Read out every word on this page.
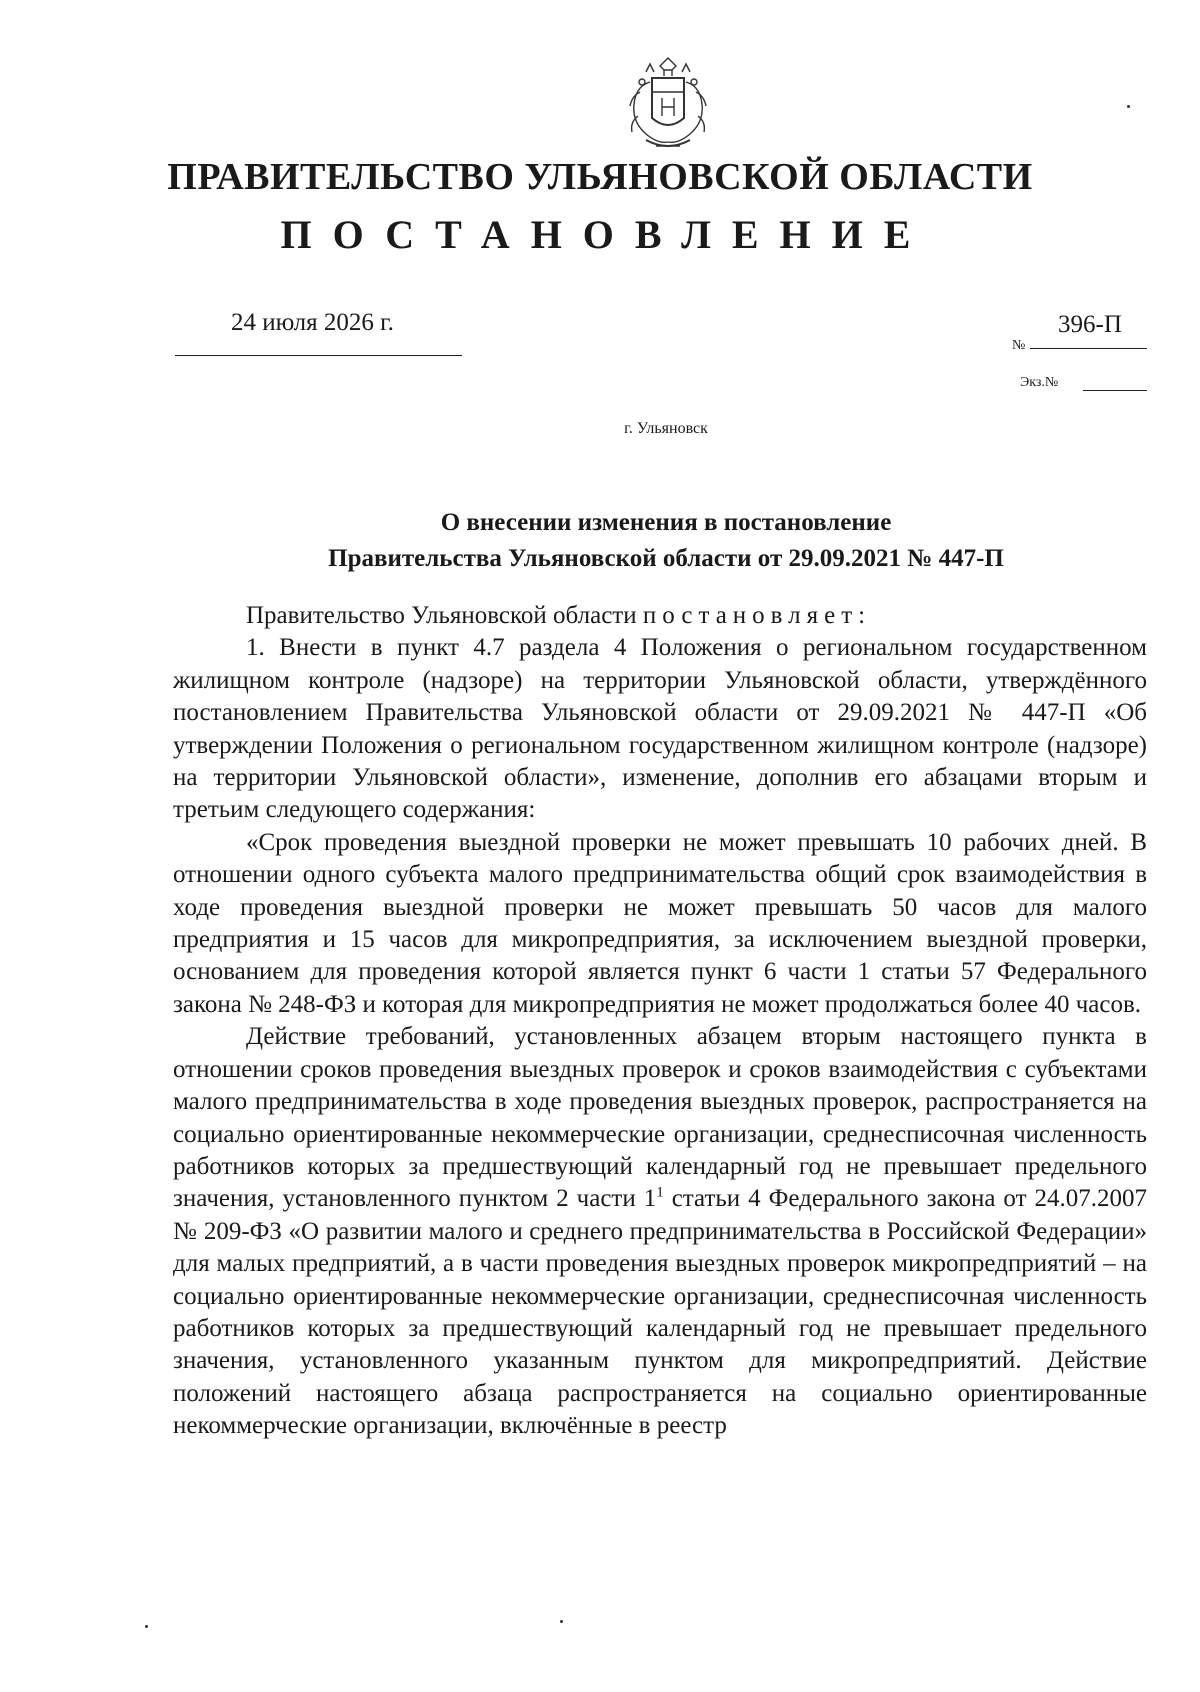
ПРАВИТЕЛЬСТВО УЛЬЯНОВСКОЙ ОБЛАСТИ
ПОСТАНОВЛЕНИЕ
24 июля 2026 г.
№
396-П
Экз.№
г. Ульяновск
О внесении изменения в постановление
Правительства Ульяновской области от 29.09.2021 № 447-П

Правительство Ульяновской области постановляет:

1. Внести в пункт 4.7 раздела 4 Положения о региональном государственном жилищном контроле (надзоре) на территории Ульяновской области, утверждённого постановлением Правительства Ульяновской области от 29.09.2021 № 447-П «Об утверждении Положения о региональном государственном жилищном контроле (надзоре) на территории Ульяновской области», изменение, дополнив его абзацами вторым и третьим следующего содержания:

«Срок проведения выездной проверки не может превышать 10 рабочих дней. В отношении одного субъекта малого предпринимательства общий срок взаимодействия в ходе проведения выездной проверки не может превышать 50 часов для малого предприятия и 15 часов для микропредприятия, за исключением выездной проверки, основанием для проведения которой является пункт 6 части 1 статьи 57 Федерального закона № 248-ФЗ и которая для микропредприятия не может продолжаться более 40 часов.

Действие требований, установленных абзацем вторым настоящего пункта в отношении сроков проведения выездных проверок и сроков взаимодействия с субъектами малого предпринимательства в ходе проведения выездных проверок, распространяется на социально ориентированные некоммерческие организации, среднесписочная численность работников которых за предшествующий календарный год не превышает предельного значения, установленного пунктом 2 части $1^1$ статьи 4 Федерального закона от 24.07.2007 № 209-ФЗ «О развитии малого и среднего предпринимательства в Российской Федерации» для малых предприятий, а в части проведения выездных проверок микропредприятий – на социально ориентированные некоммерческие организации, среднесписочная численность работников которых за предшествующий календарный год не превышает предельного значения, установленного указанным пунктом для микропредприятий. Действие положений настоящего абзаца распространяется на социально ориентированные некоммерческие организации, включённые в реестр
